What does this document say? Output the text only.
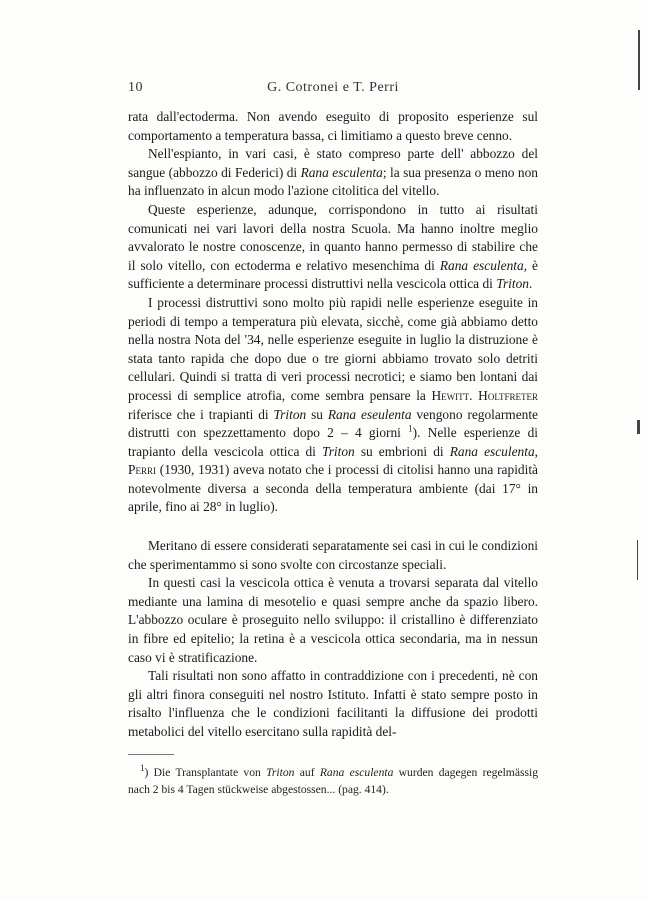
10	G. Cotronei e T. Perri

rata dall'ectoderma. Non avendo eseguito di proposito esperienze sul comportamento a temperatura bassa, ci limitiamo a questo breve cenno.

Nell'espianto, in vari casi, è stato compreso parte dell' abbozzo del sangue (abbozzo di Federici) di Rana esculenta; la sua presenza o meno non ha influenzato in alcun modo l'azione citolitica del vitello.

Queste esperienze, adunque, corrispondono in tutto ai risultati comunicati nei vari lavori della nostra Scuola. Ma hanno inoltre meglio avvalorato le nostre conoscenze, in quanto hanno permesso di stabilire che il solo vitello, con ectoderma e relativo mesenchima di Rana esculenta, è sufficiente a determinare processi distruttivi nella vescicola ottica di Triton.

I processi distruttivi sono molto più rapidi nelle esperienze eseguite in periodi di tempo a temperatura più elevata, sicchè, come già abbiamo detto nella nostra Nota del '34, nelle esperienze eseguite in luglio la distruzione è stata tanto rapida che dopo due o tre giorni abbiamo trovato solo detriti cellulari. Quindi si tratta di veri processi necrotici; e siamo ben lontani dai processi di semplice atrofia, come sembra pensare la Hewitt. Holtfreter riferisce che i trapianti di Triton su Rana eseulenta vengono regolarmente distrutti con spezzettamento dopo 2 – 4 giorni $^1$). Nelle esperienze di trapianto della vescicola ottica di Triton su embrioni di Rana esculenta, Perri (1930, 1931) aveva notato che i processi di citolisi hanno una rapidità notevolmente diversa a seconda della temperatura ambiente (dai 17° in aprile, fino ai 28° in luglio).

Meritano di essere considerati separatamente sei casi in cui le condizioni che sperimentammo si sono svolte con circostanze speciali.

In questi casi la vescicola ottica è venuta a trovarsi separata dal vitello mediante una lamina di mesotelio e quasi sempre anche da spazio libero. L'abbozzo oculare è proseguito nello sviluppo: il cristallino è differenziato in fibre ed epitelio; la retina è a vescicola ottica secondaria, ma in nessun caso vi è stratificazione.

Tali risultati non sono affatto in contraddizione con i precedenti, nè con gli altri finora conseguiti nel nostro Istituto. Infatti è stato sempre posto in risalto l'influenza che le condizioni facilitanti la diffusione dei prodotti metabolici del vitello esercitano sulla rapidità del-

$^1$) Die Transplantate von Triton auf Rana esculenta wurden dagegen regelmässig nach 2 bis 4 Tagen stückweise abgestossen... (pag. 414).
